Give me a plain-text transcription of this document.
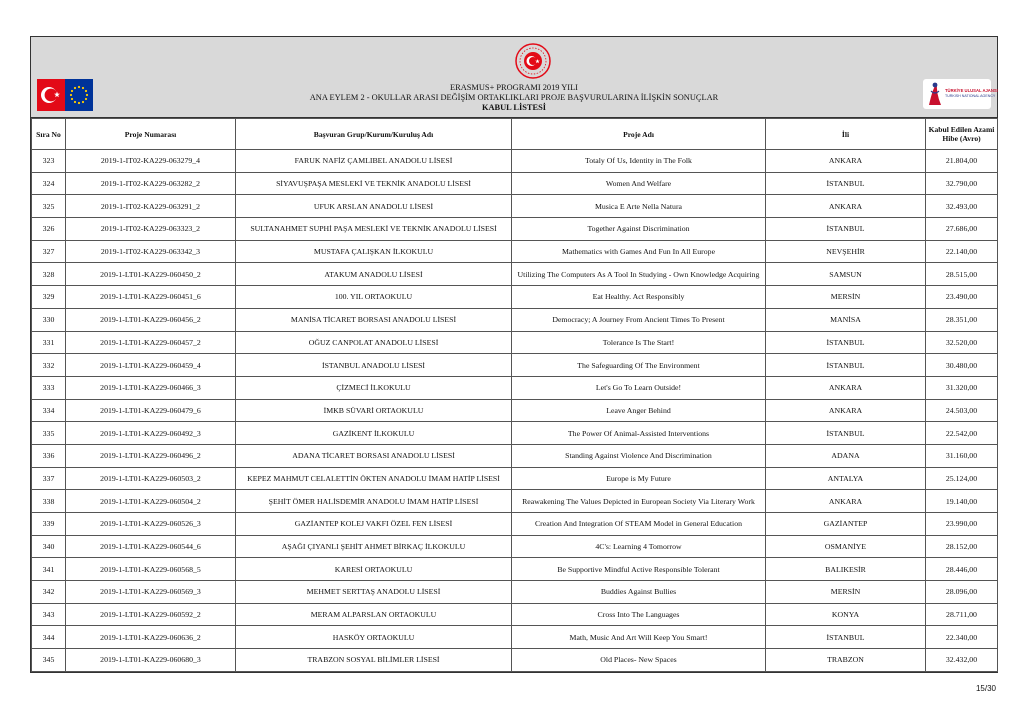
TÜRKİYE ULUSAL AJANSI
TURKISH NATIONAL AGENCY
ERASMUS+ PROGRAMI 2019 YILI
ANA EYLEM 2 - OKULLAR ARASI DEĞİŞİM ORTAKLIKLARI PROJE BAŞVURULARINA İLİŞKİN SONUÇLAR
KABUL LİSTESİ
Sıra No	Proje Numarası	Başvuran Grup/Kurum/Kuruluş Adı	Proje Adı	İli	Kabul Edilen Azami Hibe (Avro)
323	2019-1-IT02-KA229-063279_4	FARUK NAFİZ ÇAMLIBEL ANADOLU LİSESİ	Totaly Of Us, Identity in The Folk	ANKARA	21.804,00
324	2019-1-IT02-KA229-063282_2	SİYAVUŞPAŞA MESLEKİ VE TEKNİK ANADOLU LİSESİ	Women And Welfare	İSTANBUL	32.790,00
325	2019-1-IT02-KA229-063291_2	UFUK ARSLAN ANADOLU LİSESİ	Musica E Arte Nella Natura	ANKARA	32.493,00
326	2019-1-IT02-KA229-063323_2	SULTANAHMET SUPHİ PAŞA MESLEKİ VE TEKNİK ANADOLU LİSESİ	Together Against Discrimination	İSTANBUL	27.686,00
327	2019-1-IT02-KA229-063342_3	MUSTAFA ÇALIŞKAN İLKOKULU	Mathematics with Games And Fun In All Europe	NEVŞEHİR	22.140,00
328	2019-1-LT01-KA229-060450_2	ATAKUM ANADOLU LİSESİ	Utilizing The Computers As A Tool In Studying - Own Knowledge Acquiring	SAMSUN	28.515,00
329	2019-1-LT01-KA229-060451_6	100. YIL ORTAOKULU	Eat Healthy. Act Responsibly	MERSİN	23.490,00
330	2019-1-LT01-KA229-060456_2	MANİSA TİCARET BORSASI ANADOLU LİSESİ	Democracy; A Journey From Ancient Times To Present	MANİSA	28.351,00
331	2019-1-LT01-KA229-060457_2	OĞUZ CANPOLAT ANADOLU LİSESİ	Tolerance Is The Start!	İSTANBUL	32.520,00
332	2019-1-LT01-KA229-060459_4	İSTANBUL ANADOLU LİSESİ	The Safeguarding Of The Environment	İSTANBUL	30.480,00
333	2019-1-LT01-KA229-060466_3	ÇİZMECİ İLKOKULU	Let's Go To Learn Outside!	ANKARA	31.320,00
334	2019-1-LT01-KA229-060479_6	İMKB SÜVARİ ORTAOKULU	Leave Anger Behind	ANKARA	24.503,00
335	2019-1-LT01-KA229-060492_3	GAZİKENT İLKOKULU	The Power Of Animal-Assisted Interventions	İSTANBUL	22.542,00
336	2019-1-LT01-KA229-060496_2	ADANA TİCARET BORSASI ANADOLU LİSESİ	Standing Against Violence And Discrimination	ADANA	31.160,00
337	2019-1-LT01-KA229-060503_2	KEPEZ MAHMUT CELALETTİN ÖKTEN ANADOLU İMAM HATİP LİSESİ	Europe is My Future	ANTALYA	25.124,00
338	2019-1-LT01-KA229-060504_2	ŞEHİT ÖMER HALİSDEMİR ANADOLU İMAM HATİP LİSESİ	Reawakening The Values Depicted in European Society Via Literary Work	ANKARA	19.140,00
339	2019-1-LT01-KA229-060526_3	GAZİANTEP KOLEJ VAKFI ÖZEL FEN LİSESİ	Creation And Integration Of STEAM Model in General Education	GAZİANTEP	23.990,00
340	2019-1-LT01-KA229-060544_6	AŞAĞI ÇIYANLI ŞEHİT AHMET BİRKAÇ İLKOKULU	4C's: Learning 4 Tomorrow	OSMANİYE	28.152,00
341	2019-1-LT01-KA229-060568_5	KARESİ ORTAOKULU	Be Supportive Mindful Active Responsible Tolerant	BALIKESİR	28.446,00
342	2019-1-LT01-KA229-060569_3	MEHMET SERTTAŞ ANADOLU LİSESİ	Buddies Against Bullies	MERSİN	28.096,00
343	2019-1-LT01-KA229-060592_2	MERAM ALPARSLAN ORTAOKULU	Cross Into The Languages	KONYA	28.711,00
344	2019-1-LT01-KA229-060636_2	HASKÖY ORTAOKULU	Math, Music And Art Will Keep You Smart!	İSTANBUL	22.340,00
345	2019-1-LT01-KA229-060680_3	TRABZON SOSYAL BİLİMLER LİSESİ	Old Places- New Spaces	TRABZON	32.432,00
15/30
